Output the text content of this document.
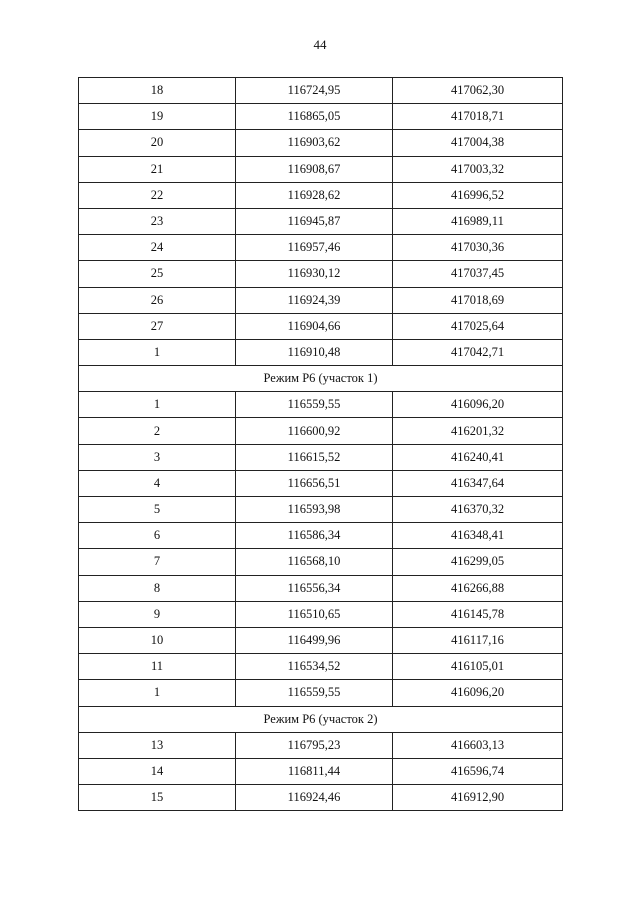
44
18	116724,95	417062,30
19	116865,05	417018,71
20	116903,62	417004,38
21	116908,67	417003,32
22	116928,62	416996,52
23	116945,87	416989,11
24	116957,46	417030,36
25	116930,12	417037,45
26	116924,39	417018,69
27	116904,66	417025,64
1	116910,48	417042,71
Режим Р6 (участок 1)		
1	116559,55	416096,20
2	116600,92	416201,32
3	116615,52	416240,41
4	116656,51	416347,64
5	116593,98	416370,32
6	116586,34	416348,41
7	116568,10	416299,05
8	116556,34	416266,88
9	116510,65	416145,78
10	116499,96	416117,16
11	116534,52	416105,01
1	116559,55	416096,20
Режим Р6 (участок 2)		
13	116795,23	416603,13
14	116811,44	416596,74
15	116924,46	416912,90
